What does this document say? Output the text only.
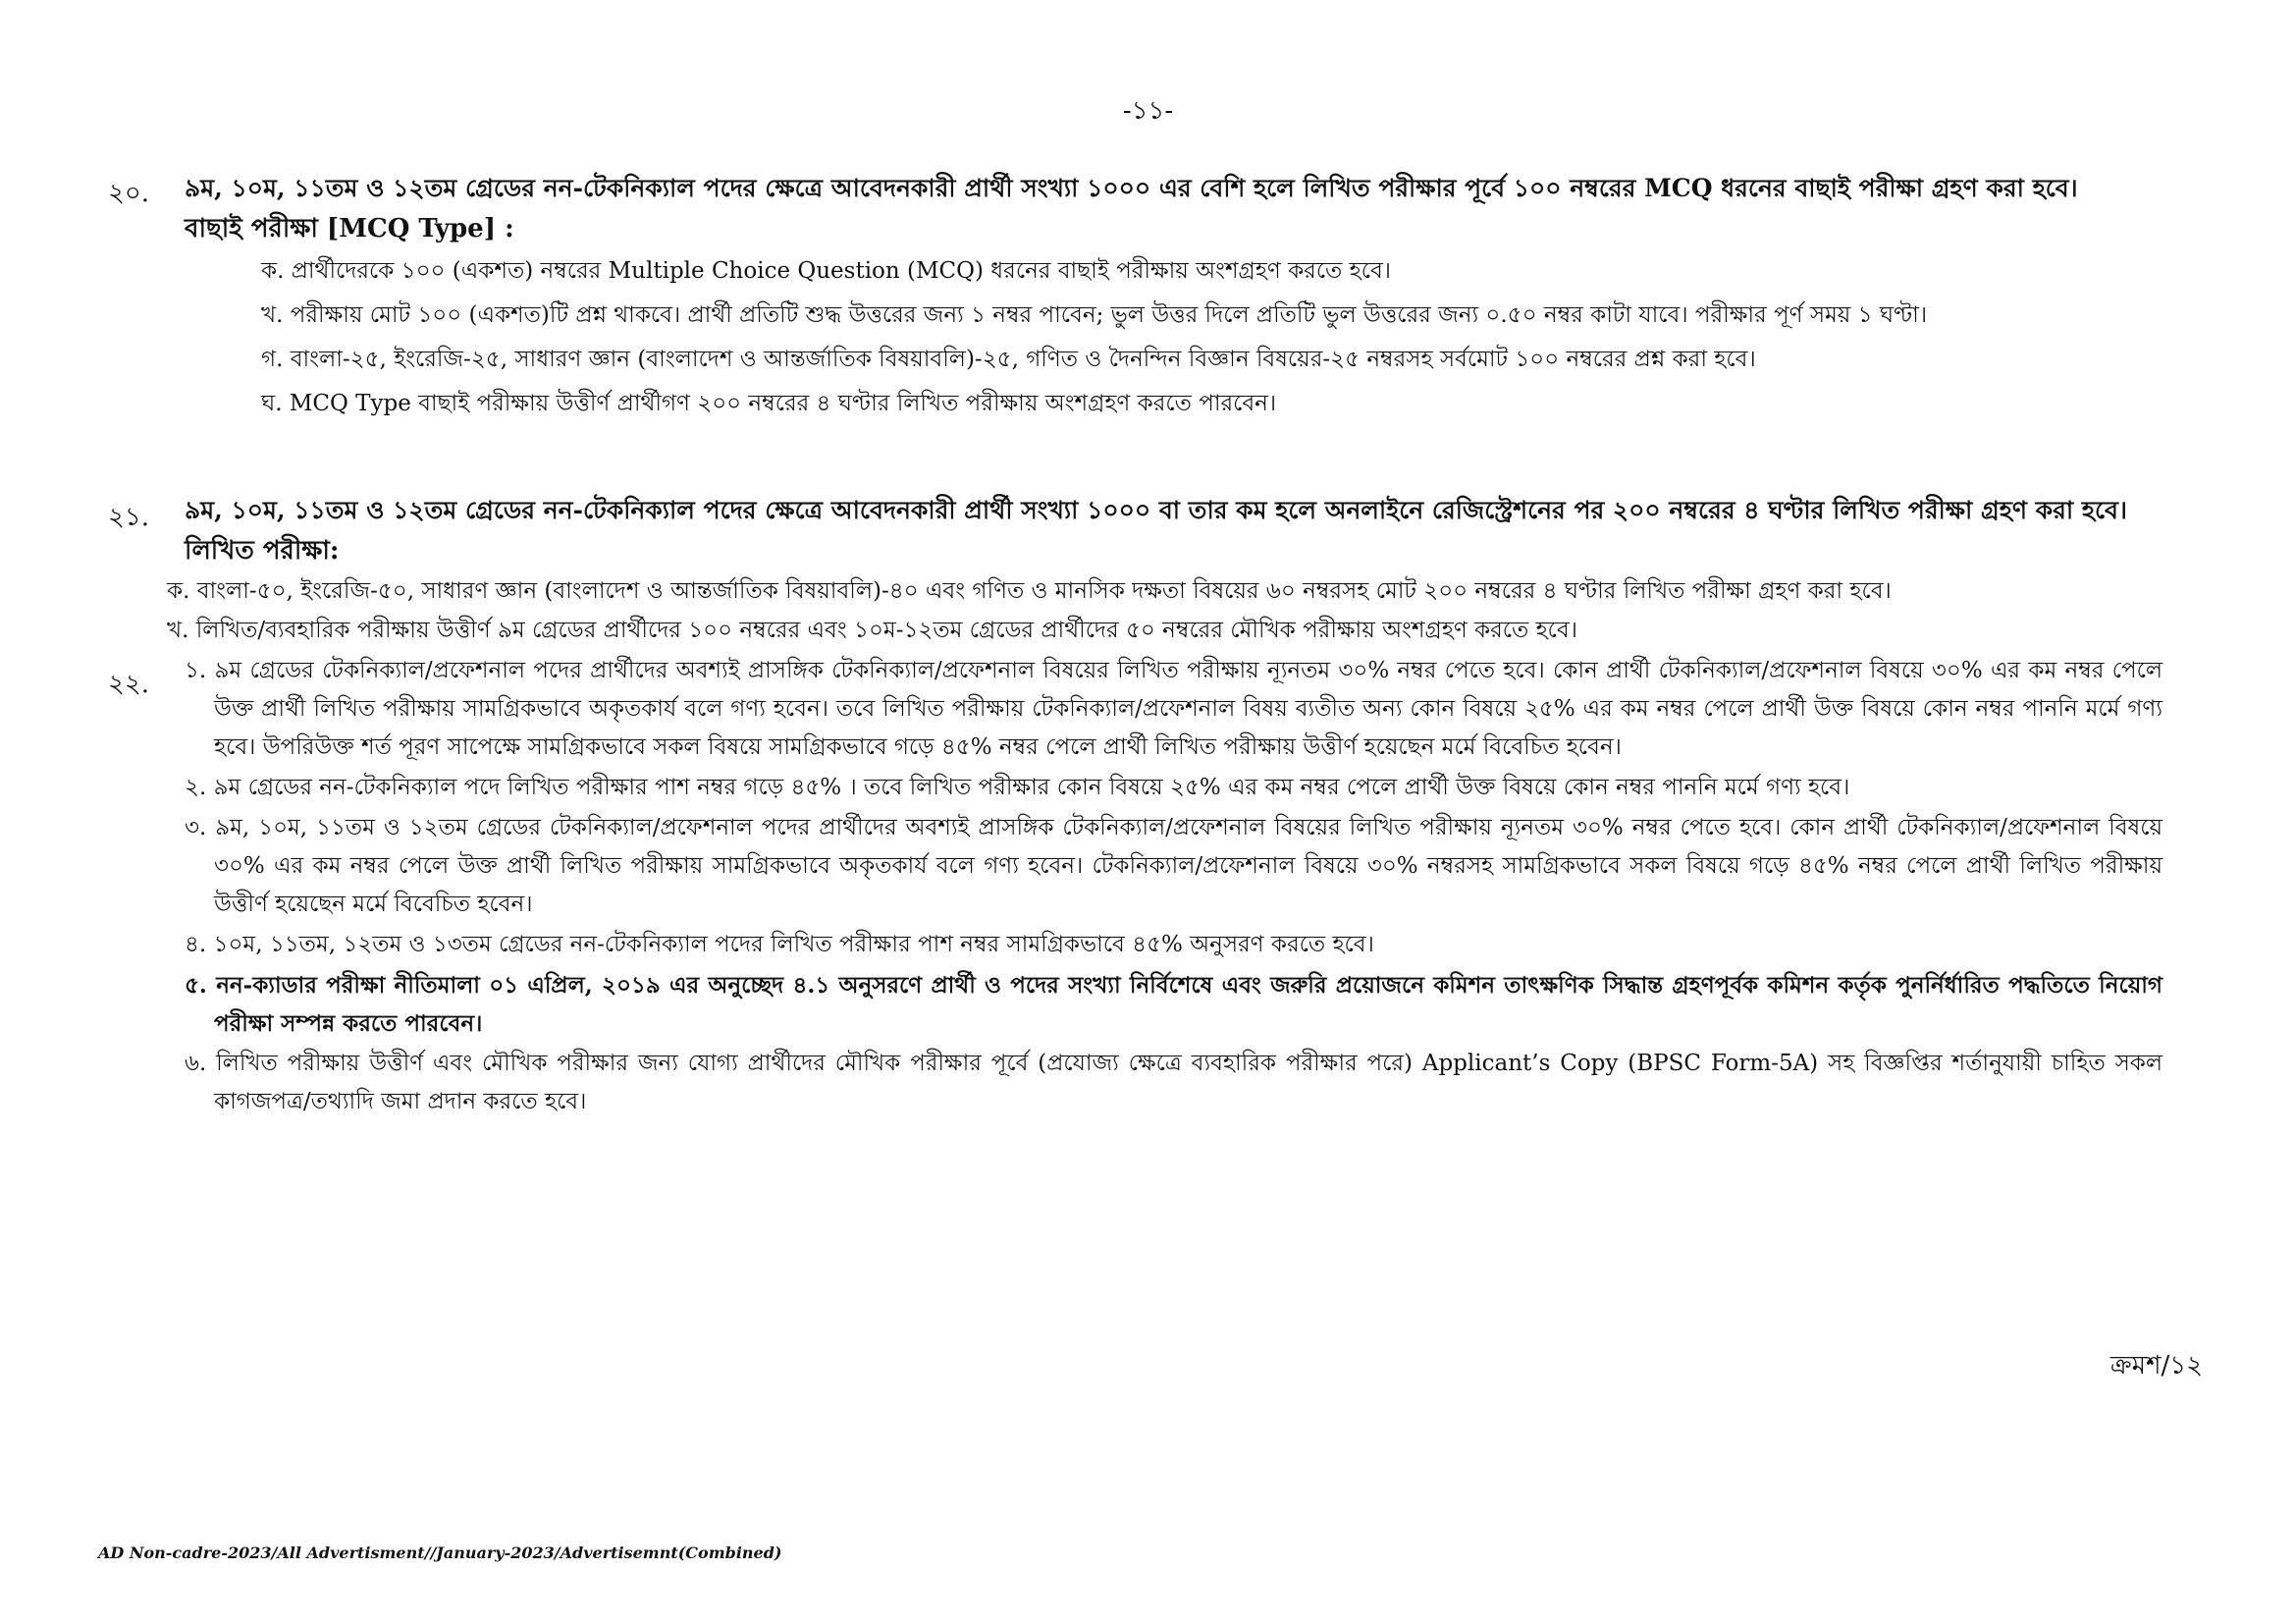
-১১-
২০. ৯ম, ১০ম, ১১তম ও ১২তম গ্রেডের নন-টেকনিক্যাল পদের ক্ষেত্রে আবেদনকারী প্রার্থী সংখ্যা ১০০০ এর বেশি হলে লিখিত পরীক্ষার পূর্বে ১০০ নম্বরের MCQ ধরনের বাছাই পরীক্ষা গ্রহণ করা হবে।
বাছাই পরীক্ষা [MCQ Type] :
ক. প্রার্থীদেরকে ১০০ (একশত) নম্বরের Multiple Choice Question (MCQ) ধরনের বাছাই পরীক্ষায় অংশগ্রহণ করতে হবে।
খ. পরীক্ষায় মোট ১০০ (একশত)টি প্রশ্ন থাকবে। প্রার্থী প্রতিটি শুদ্ধ উত্তরের জন্য ১ নম্বর পাবেন; ভুল উত্তর দিলে প্রতিটি ভুল উত্তরের জন্য ০.৫০ নম্বর কাটা যাবে। পরীক্ষার পূর্ণ সময় ১ ঘণ্টা।
গ. বাংলা-২৫, ইংরেজি-২৫, সাধারণ জ্ঞান (বাংলাদেশ ও আন্তর্জাতিক বিষয়াবলি)-২৫, গণিত ও দৈনন্দিন বিজ্ঞান বিষয়ের-২৫ নম্বরসহ সর্বমোট ১০০ নম্বরের প্রশ্ন করা হবে।
ঘ. MCQ Type বাছাই পরীক্ষায় উত্তীর্ণ প্রার্থীগণ ২০০ নম্বরের ৪ ঘণ্টার লিখিত পরীক্ষায় অংশগ্রহণ করতে পারবেন।
২১. ৯ম, ১০ম, ১১তম ও ১২তম গ্রেডের নন-টেকনিক্যাল পদের ক্ষেত্রে আবেদনকারী প্রার্থী সংখ্যা ১০০০ বা তার কম হলে অনলাইনে রেজিস্ট্রেশনের পর ২০০ নম্বরের ৪ ঘণ্টার লিখিত পরীক্ষা গ্রহণ করা হবে।
লিখিত পরীক্ষা:
ক. বাংলা-৫০, ইংরেজি-৫০, সাধারণ জ্ঞান (বাংলাদেশ ও আন্তর্জাতিক বিষয়াবলি)-৪০ এবং গণিত ও মানসিক দক্ষতা বিষয়ের ৬০ নম্বরসহ মোট ২০০ নম্বরের ৪ ঘণ্টার লিখিত পরীক্ষা গ্রহণ করা হবে।
খ. লিখিত/ব্যবহারিক পরীক্ষায় উত্তীর্ণ ৯ম গ্রেডের প্রার্থীদের ১০০ নম্বরের এবং ১০ম-১২তম গ্রেডের প্রার্থীদের ৫০ নম্বরের মৌখিক পরীক্ষায় অংশগ্রহণ করতে হবে।
২২. ১. ৯ম গ্রেডের টেকনিক্যাল/প্রফেশনাল পদের প্রার্থীদের অবশ্যই প্রাসঙ্গিক টেকনিক্যাল/প্রফেশনাল বিষয়ের লিখিত পরীক্ষায় ন্যূনতম ৩০% নম্বর পেতে হবে। কোন প্রার্থী টেকনিক্যাল/প্রফেশনাল বিষয়ে ৩০% এর কম নম্বর পেলে উক্ত প্রার্থী লিখিত পরীক্ষায় সামগ্রিকভাবে অকৃতকার্য বলে গণ্য হবেন। তবে লিখিত পরীক্ষায় টেকনিক্যাল/প্রফেশনাল বিষয় ব্যতীত অন্য কোন বিষয়ে ২৫% এর কম নম্বর পেলে প্রার্থী উক্ত বিষয়ে কোন নম্বর পাননি মর্মে গণ্য হবে। উপরিউক্ত শর্ত পূরণ সাপেক্ষে সামগ্রিকভাবে সকল বিষয়ে সামগ্রিকভাবে গড়ে ৪৫% নম্বর পেলে প্রার্থী লিখিত পরীক্ষায় উত্তীর্ণ হয়েছেন মর্মে বিবেচিত হবেন।
২. ৯ম গ্রেডের নন-টেকনিক্যাল পদে লিখিত পরীক্ষার পাশ নম্বর গড়ে ৪৫% । তবে লিখিত পরীক্ষার কোন বিষয়ে ২৫% এর কম নম্বর পেলে প্রার্থী উক্ত বিষয়ে কোন নম্বর পাননি মর্মে গণ্য হবে।
৩. ৯ম, ১০ম, ১১তম ও ১২তম গ্রেডের টেকনিক্যাল/প্রফেশনাল পদের প্রার্থীদের অবশ্যই প্রাসঙ্গিক টেকনিক্যাল/প্রফেশনাল বিষয়ের লিখিত পরীক্ষায় ন্যূনতম ৩০% নম্বর পেতে হবে। কোন প্রার্থী টেকনিক্যাল/প্রফেশনাল বিষয়ে ৩০% এর কম নম্বর পেলে উক্ত প্রার্থী লিখিত পরীক্ষায় সামগ্রিকভাবে অকৃতকার্য বলে গণ্য হবেন। টেকনিক্যাল/প্রফেশনাল বিষয়ে ৩০% নম্বরসহ সামগ্রিকভাবে সকল বিষয়ে গড়ে ৪৫% নম্বর পেলে প্রার্থী লিখিত পরীক্ষায় উত্তীর্ণ হয়েছেন মর্মে বিবেচিত হবেন।
৪. ১০ম, ১১তম, ১২তম ও ১৩তম গ্রেডের নন-টেকনিক্যাল পদের লিখিত পরীক্ষার পাশ নম্বর সামগ্রিকভাবে ৪৫% অনুসরণ করতে হবে।
৫. নন-ক্যাডার পরীক্ষা নীতিমালা ০১ এপ্রিল, ২০১৯ এর অনুচ্ছেদ ৪.১ অনুসরণে প্রার্থী ও পদের সংখ্যা নির্বিশেষে এবং জরুরি প্রয়োজনে কমিশন তাৎক্ষণিক সিদ্ধান্ত গ্রহণপূর্বক কমিশন কর্তৃক পুনর্নির্ধারিত পদ্ধতিতে নিয়োগ পরীক্ষা সম্পন্ন করতে পারবেন।
৬. লিখিত পরীক্ষায় উত্তীর্ণ এবং মৌখিক পরীক্ষার জন্য যোগ্য প্রার্থীদের মৌখিক পরীক্ষার পূর্বে (প্রযোজ্য ক্ষেত্রে ব্যবহারিক পরীক্ষার পরে) Applicant’s Copy (BPSC Form-5A) সহ বিজ্ঞপ্তির শর্তানুযায়ী চাহিত সকল কাগজপত্র/তথ্যাদি জমা প্রদান করতে হবে।
ক্রমশ/১২
AD Non-cadre-2023/All Advertisment//January-2023/Advertisemnt(Combined)
